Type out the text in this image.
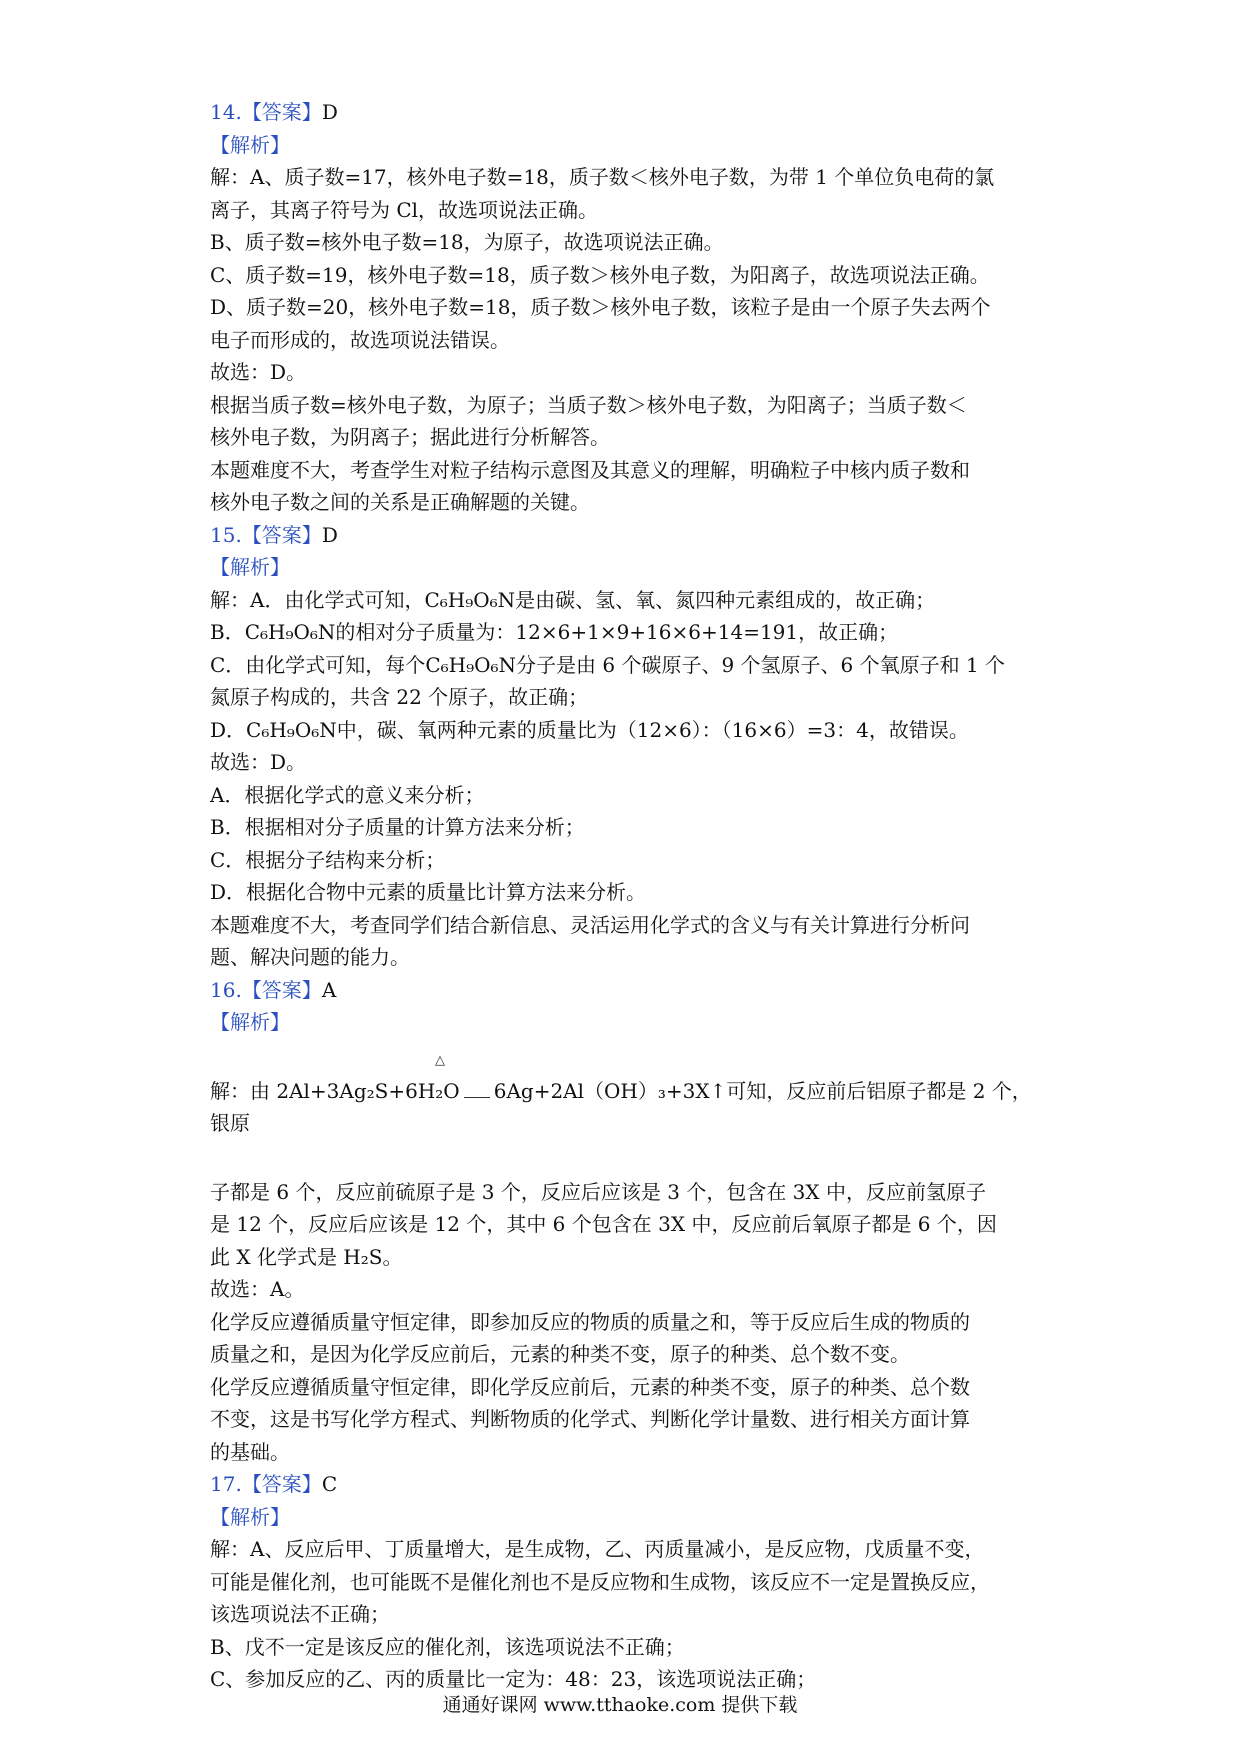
14.【答案】D

【解析】

解：A、质子数=17，核外电子数=18，质子数＜核外电子数，为带 1 个单位负电荷的氯

离子，其离子符号为 Cl，故选项说法正确。

B、质子数=核外电子数=18，为原子，故选项说法正确。

C、质子数=19，核外电子数=18，质子数＞核外电子数，为阳离子，故选项说法正确。

D、质子数=20，核外电子数=18，质子数＞核外电子数，该粒子是由一个原子失去两个

电子而形成的，故选项说法错误。

故选：D。

根据当质子数=核外电子数，为原子；当质子数＞核外电子数，为阳离子；当质子数＜

核外电子数，为阴离子；据此进行分析解答。

本题难度不大，考查学生对粒子结构示意图及其意义的理解，明确粒子中核内质子数和

核外电子数之间的关系是正确解题的关键。

15.【答案】D

【解析】

解：A．由化学式可知，C₆H₉O₆N是由碳、氢、氧、氮四种元素组成的，故正确；

B．C₆H₉O₆N的相对分子质量为：12×6+1×9+16×6+14=191，故正确；

C．由化学式可知，每个C₆H₉O₆N分子是由 6 个碳原子、9 个氢原子、6 个氧原子和 1 个

氮原子构成的，共含 22 个原子，故正确；

D．C₆H₉O₆N中，碳、氧两种元素的质量比为（12×6）：（16×6）=3：4，故错误。

故选：D。

A．根据化学式的意义来分析；

B．根据相对分子质量的计算方法来分析；

C．根据分子结构来分析；

D．根据化合物中元素的质量比计算方法来分析。

本题难度不大，考查同学们结合新信息、灵活运用化学式的含义与有关计算进行分析问

题、解决问题的能力。

16.【答案】A

【解析】

△

解：由 2Al+3Ag₂S+6H₂O 6Ag+2Al（OH）₃+3X↑可知，反应前后铝原子都是 2 个，银原

子都是 6 个，反应前硫原子是 3 个，反应后应该是 3 个，包含在 3X 中，反应前氢原子

是 12 个，反应后应该是 12 个，其中 6 个包含在 3X 中，反应前后氧原子都是 6 个，因

此 X 化学式是 H₂S。

故选：A。

化学反应遵循质量守恒定律，即参加反应的物质的质量之和，等于反应后生成的物质的

质量之和，是因为化学反应前后，元素的种类不变，原子的种类、总个数不变。

化学反应遵循质量守恒定律，即化学反应前后，元素的种类不变，原子的种类、总个数

不变，这是书写化学方程式、判断物质的化学式、判断化学计量数、进行相关方面计算

的基础。

17.【答案】C

【解析】

解：A、反应后甲、丁质量增大，是生成物，乙、丙质量减小，是反应物，戊质量不变，

可能是催化剂，也可能既不是催化剂也不是反应物和生成物，该反应不一定是置换反应，

该选项说法不正确；

B、戊不一定是该反应的催化剂，该选项说法不正确；

C、参加反应的乙、丙的质量比一定为：48：23，该选项说法正确；

通通好课网 www.tthaoke.com 提供下载
